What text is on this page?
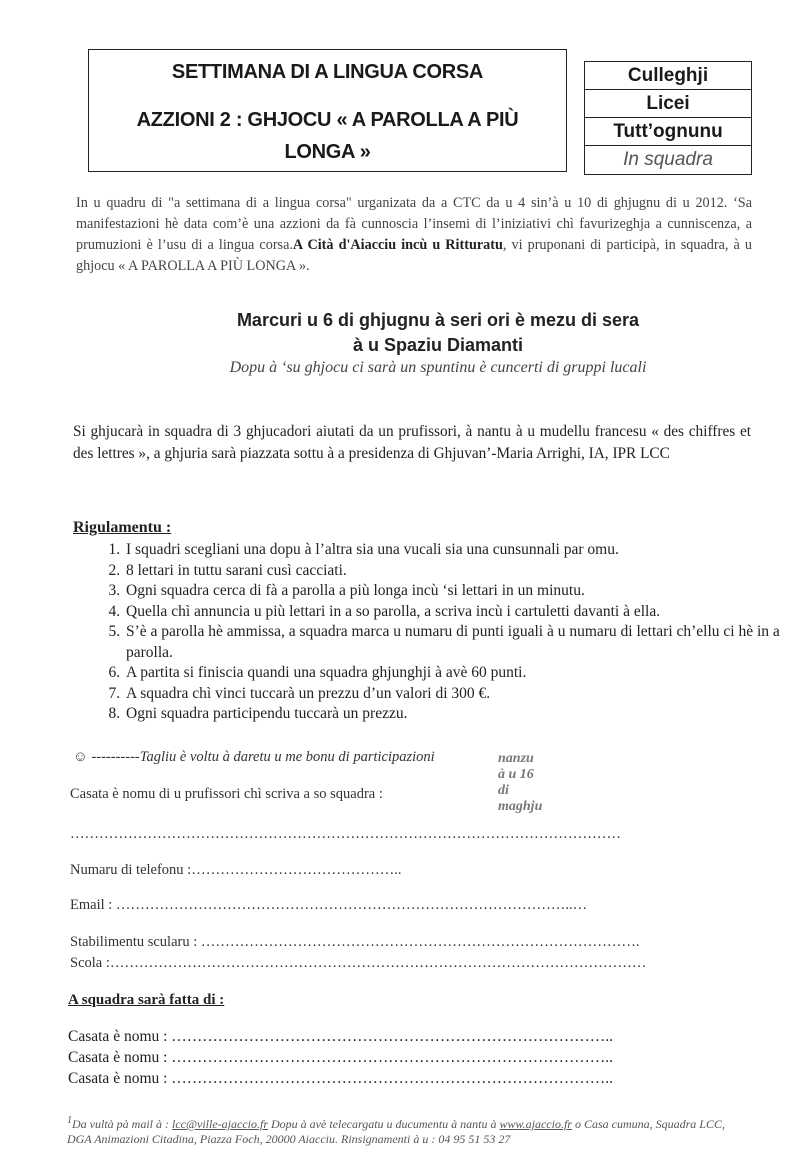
SETTIMANA DI A LINGUA CORSA
AZZIONI 2 : GHJOCU « A PAROLLA A PIÙ LONGA »
Culleghji
Licei
Tutt’ognunu
In squadra
In u quadru di "a settimana di a lingua corsa" urganizata da a CTC da u 4 sin’à u 10 di ghjugnu di u 2012. ‘Sa manifestazioni hè data com’è una azzioni da fà cunnoscia l’insemi di l’iniziativi chì favurizeghja a cunniscenza, a prumuzioni è l’usu di a lingua corsa.A Cità d'Aiacciu incù u Ritturatu, vi pruponani di participà, in squadra, à u ghjocu « A PAROLLA A PIÙ LONGA ».
Marcuri u 6 di ghjugnu à seri ori è mezu di sera
à u Spaziu Diamanti
Dopu à ‘su ghjocu ci sarà un spuntinu è cuncerti di gruppi lucali
Si ghjucarà in squadra di 3 ghjucadori aiutati da un prufissori, à nantu à u mudellu francesu « des chiffres et des lettres », a ghjuria sarà piazzata sottu à a presidenza di Ghjuvan’-Maria Arrighi, IA, IPR LCC
Rigulamentu :
1. I squadri scegliani una dopu à l’altra sia una vucali sia una cunsunnali par omu.
2. 8 lettari in tuttu sarani cusì cacciati.
3. Ogni squadra cerca di fà a parolla a più longa incù ‘si lettari in un minutu.
4. Quella chì annuncia u più lettari in a so parolla, a scriva incù i cartuletti davanti à ella.
5. S’è a parolla hè ammissa, a squadra marca u numaru di punti iguali à u numaru di lettari ch’ellu ci hè in a parolla.
6. A partita si finiscia quandi una squadra ghjunghji à avè 60 punti.
7. A squadra chì vinci tuccarà un prezzu d’un valori di 300 €.
8. Ogni squadra participendu tuccarà un prezzu.
☺ ----------Tagliu è voltu à daretu u me bonu di participazioni	nanzu à u 16 di maghju
Casata è nomu di u prufissori chì scriva a so squadra :
……………………………………………………………………………………………………
Numaru di telefonu :……………………………………..
Email : …………………………………………………………………………………..…
Stabilimentu scularu : ……………………………………………………………………………….
Scola :…………………………………………………………………………………………………
A squadra sarà fatta di :
Casata è nomu : …………………………………………………………………………..
Casata è nomu : …………………………………………………………………………..
Casata è nomu : …………………………………………………………………………..
$^1$Da vultà pà mail à : lcc@ville-ajaccio.fr Dopu à avè telecargatu u ducumentu à nantu à www.ajaccio.fr o Casa cumuna, Squadra LCC, DGA Animazioni Citadina, Piazza Foch, 20000 Aiacciu. Rinsignamenti à u : 04 95 51 53 27
